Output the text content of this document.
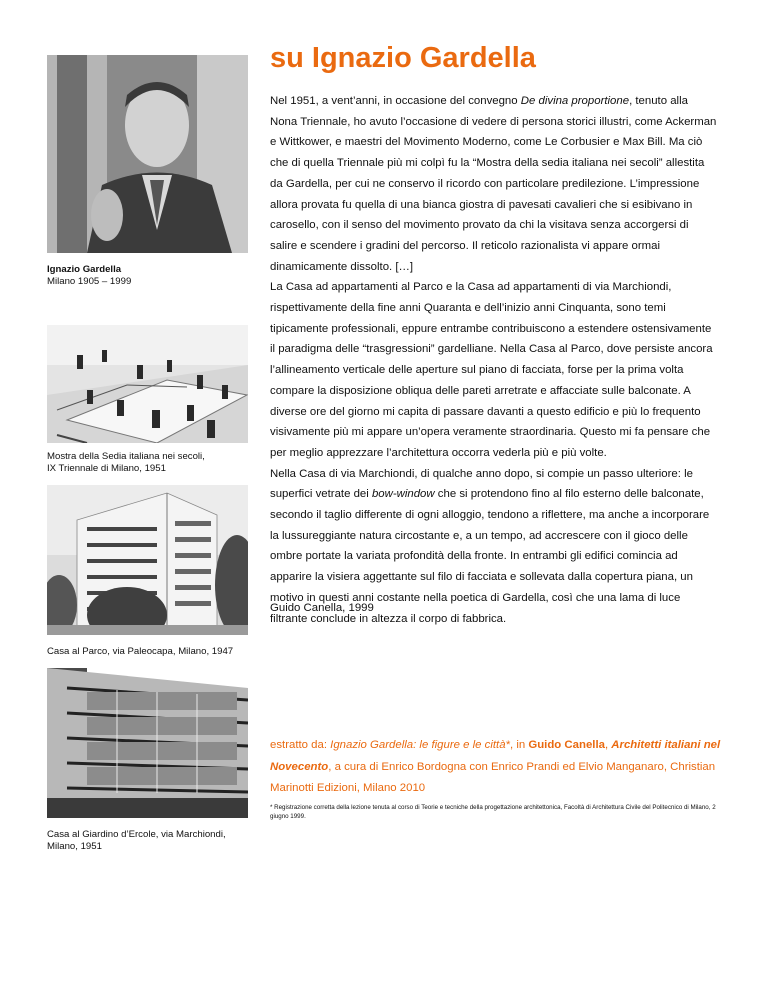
su Ignazio Gardella
Ignazio Gardella
Milano 1905 – 1999
Mostra della Sedia italiana nei secoli,
IX Triennale di Milano, 1951
Casa al Parco, via Paleocapa, Milano, 1947
Casa al Giardino d’Ercole, via Marchiondi,
Milano, 1951

Nel 1951, a vent’anni, in occasione del convegno De divina proportione, tenuto alla Nona Triennale, ho avuto l’occasione di vedere di persona storici illustri, come Ackerman e Wittkower, e maestri del Movimento Moderno, come Le Corbusier e Max Bill. Ma ciò che di quella Triennale più mi colpì fu la “Mostra della sedia italiana nei secoli” allestita da Gardella, per cui ne conservo il ricordo con particolare predilezione. L’impressione allora provata fu quella di una bianca giostra di pavesati cavalieri che si esibivano in carosello, con il senso del movimento provato da chi la visitava senza accorgersi di salire e scendere i gradini del percorso. Il reticolo razionalista vi appare ormai dinamicamente dissolto. […]

La Casa ad appartamenti al Parco e la Casa ad appartamenti di via Marchiondi, rispettivamente della fine anni Quaranta e dell’inizio anni Cinquanta, sono temi tipicamente professionali, eppure entrambe contribuiscono a estendere ostensivamente il paradigma delle “trasgressioni” gardelliane. Nella Casa al Parco, dove persiste ancora l’allineamento verticale delle aperture sul piano di facciata, forse per la prima volta compare la disposizione obliqua delle pareti arretrate e affacciate sulle balconate. A diverse ore del giorno mi capita di passare davanti a questo edificio e più lo frequento visivamente più mi appare un’opera veramente straordinaria. Questo mi fa pensare che per meglio apprezzare l’architettura occorra vederla più e più volte.

Nella Casa di via Marchiondi, di qualche anno dopo, si compie un passo ulteriore: le superfici vetrate dei bow-window che si protendono fino al filo esterno delle balconate, secondo il taglio differente di ogni alloggio, tendono a riflettere, ma anche a incorporare la lussureggiante natura circostante e, a un tempo, ad accrescere con il gioco delle ombre portate la variata profondità della fronte. In entrambi gli edifici comincia ad apparire la visiera aggettante sul filo di facciata e sollevata dalla copertura piana, un motivo in questi anni costante nella poetica di Gardella, così che una lama di luce filtrante conclude in altezza il corpo di fabbrica.

Guido Canella, 1999
estratto da: Ignazio Gardella: le figure e le città*, in Guido Canella, Architetti italiani nel Novecento, a cura di Enrico Bordogna con Enrico Prandi ed Elvio Manganaro, Christian Marinotti Edizioni, Milano 2010
* Registrazione corretta della lezione tenuta al corso di Teorie e tecniche della progettazione architettonica, Facoltà di Architettura Civile del Politecnico di Milano, 2 giugno 1999.
